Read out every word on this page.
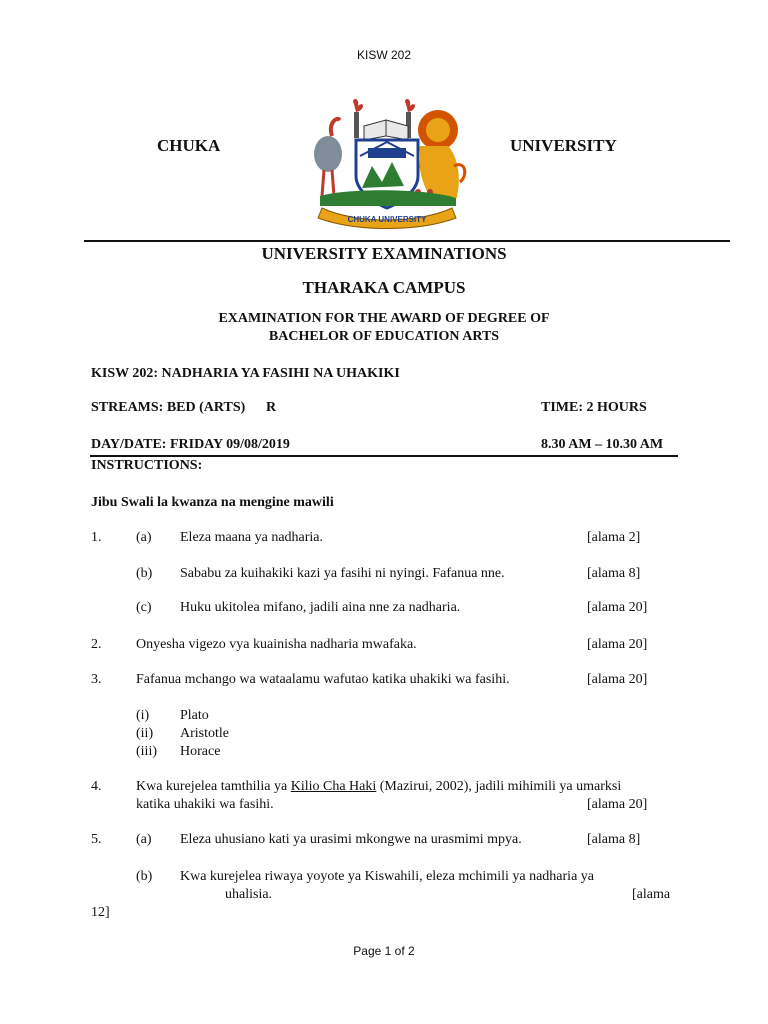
KISW 202
CHUKA	UNIVERSITY
CHUKA UNIVERSITY
UNIVERSITY EXAMINATIONS
THARAKA CAMPUS
EXAMINATION FOR THE AWARD OF DEGREE OF
BACHELOR OF EDUCATION ARTS
KISW 202: NADHARIA YA FASIHI NA UHAKIKI
STREAMS: BED (ARTS) R	TIME: 2 HOURS
DAY/DATE: FRIDAY 09/08/2019	8.30 AM – 10.30 AM
INSTRUCTIONS:
Jibu Swali la kwanza na mengine mawili
1. (a) Eleza maana ya nadharia.	[alama 2]
(b) Sababu za kuihakiki kazi ya fasihi ni nyingi. Fafanua nne.	[alama 8]
(c) Huku ukitolea mifano, jadili aina nne za nadharia.	[alama 20]
2. Onyesha vigezo vya kuainisha nadharia mwafaka.	[alama 20]
3. Fafanua mchango wa wataalamu wafutao katika uhakiki wa fasihi.	[alama 20]
(i) Plato
(ii) Aristotle
(iii) Horace
4. Kwa kurejelea tamthilia ya Kilio Cha Haki (Mazirui, 2002), jadili mihimili ya umarksi
katika uhakiki wa fasihi.	[alama 20]
5. (a) Eleza uhusiano kati ya urasimi mkongwe na urasmimi mpya.	[alama 8]
(b) Kwa kurejelea riwaya yoyote ya Kiswahili, eleza mchimili ya nadharia ya
uhalisia.	[alama
12]
Page 1 of 2
